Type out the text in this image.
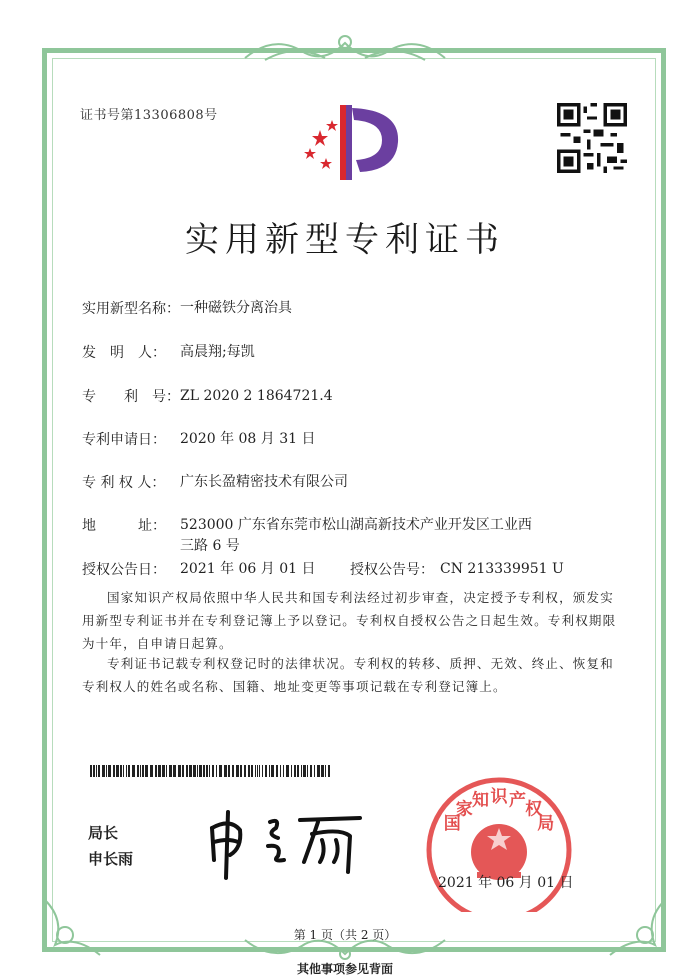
证书号第13306808号
实用新型专利证书
实用新型名称： 一种磁铁分离治具
发　明　人： 高晨翔;每凯
专　　利　号： ZL 2020 2 1864721.4
专利申请日： 2020 年 08 月 31 日
专 利 权 人： 广东长盈精密技术有限公司
地　　　址： 523000 广东省东莞市松山湖高新技术产业开发区工业西
三路 6 号
授权公告日： 2021 年 06 月 01 日 授权公告号： CN 213339951 U
国家知识产权局依照中华人民共和国专利法经过初步审查，决定授予专利权，颁发实用新型专利证书并在专利登记簿上予以登记。专利权自授权公告之日起生效。专利权期限为十年，自申请日起算。
专利证书记载专利权登记时的法律状况。专利权的转移、质押、无效、终止、恢复和专利权人的姓名或名称、国籍、地址变更等事项记载在专利登记簿上。
局长
申长雨
国家知识产权局
2021 年 06 月 01 日
第 1 页（共 2 页）
其他事项参见背面
